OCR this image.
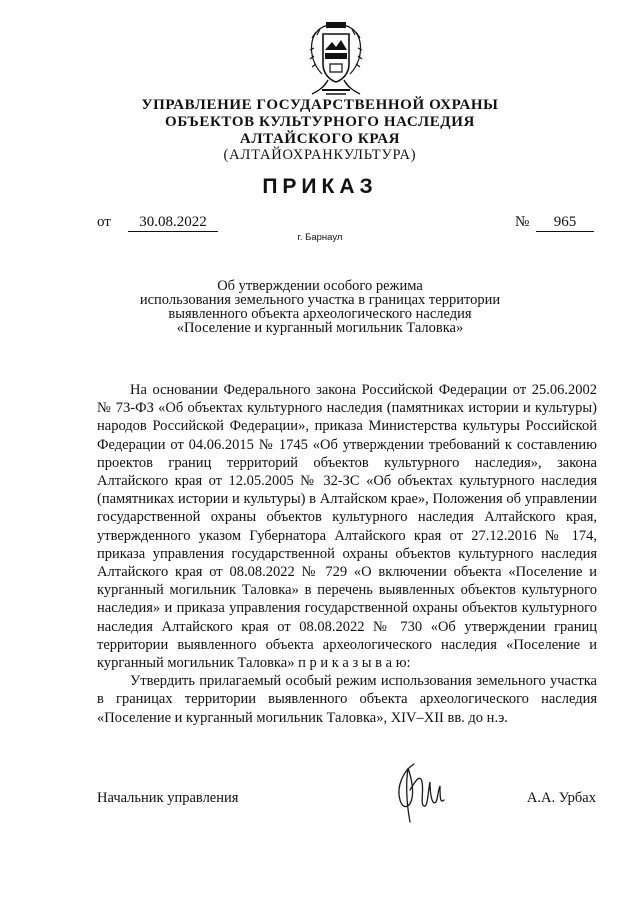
УПРАВЛЕНИЕ ГОСУДАРСТВЕННОЙ ОХРАНЫ
ОБЪЕКТОВ КУЛЬТУРНОГО НАСЛЕДИЯ
АЛТАЙСКОГО КРАЯ
(АЛТАЙОХРАНКУЛЬТУРА)
ПРИКАЗ
от	30.08.2022	№	965
г. Барнаул
Об утверждении особого режима
использования земельного участка в границах территории
выявленного объекта археологического наследия
«Поселение и курганный могильник Таловка»

На основании Федерального закона Российской Федерации от 25.06.2002 № 73-ФЗ «Об объектах культурного наследия (памятниках истории и культуры) народов Российской Федерации», приказа Министерства культуры Российской Федерации от 04.06.2015 № 1745 «Об утверждении требований к составлению проектов границ территорий объектов культурного наследия», закона Алтайского края от 12.05.2005 № 32-ЗС «Об объектах культурного наследия (памятниках истории и культуры) в Алтайском крае», Положения об управлении государственной охраны объектов культурного наследия Алтайского края, утвержденного указом Губернатора Алтайского края от 27.12.2016 № 174, приказа управления государственной охраны объектов культурного наследия Алтайского края от 08.08.2022 № 729 «О включении объекта «Поселение и курганный могильник Таловка» в перечень выявленных объектов культурного наследия» и приказа управления государственной охраны объектов культурного наследия Алтайского края от 08.08.2022 № 730 «Об утверждении границ территории выявленного объекта археологического наследия «Поселение и курганный могильник Таловка» п р и к а з ы в а ю:

Утвердить прилагаемый особый режим использования земельного участка в границах территории выявленного объекта археологического наследия «Поселение и курганный могильник Таловка», XIV–XII вв. до н.э.

Начальник управления	А.А. Урбах
